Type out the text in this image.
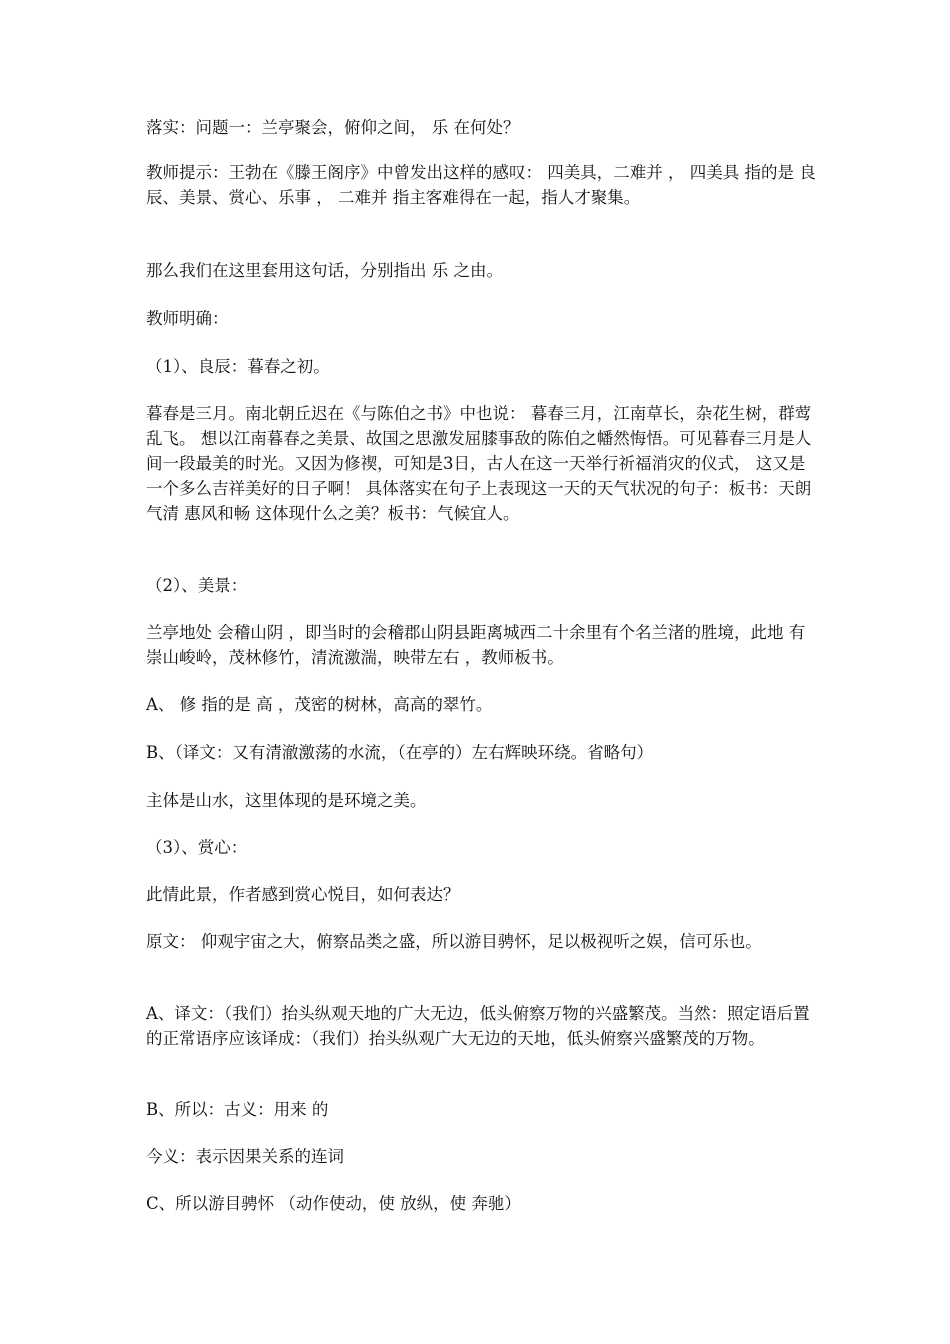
落实：问题一：兰亭聚会，俯仰之间， 乐 在何处？

教师提示：王勃在《滕王阁序》中曾发出这样的感叹： 四美具，二难并 ， 四美具 指的是 良辰、美景、赏心、乐事 ， 二难并 指主客难得在一起，指人才聚集。

那么我们在这里套用这句话，分别指出 乐 之由。

教师明确：

（1）、良辰：暮春之初。

暮春是三月。南北朝丘迟在《与陈伯之书》中也说： 暮春三月，江南草长，杂花生树，群莺乱飞。 想以江南暮春之美景、故国之思激发屈膝事敌的陈伯之幡然悔悟。可见暮春三月是人间一段最美的时光。又因为修禊，可知是3日，古人在这一天举行祈福消灾的仪式， 这又是一个多么吉祥美好的日子啊！ 具体落实在句子上表现这一天的天气状况的句子：板书：天朗气清 惠风和畅 这体现什么之美？板书：气候宜人。

（2）、美景：

兰亭地处 会稽山阴 ，即当时的会稽郡山阴县距离城西二十余里有个名兰渚的胜境，此地 有崇山峻岭，茂林修竹，清流激湍，映带左右 ，教师板书。

A、 修 指的是 高 ，茂密的树林，高高的翠竹。

B、（译文：又有清澈激荡的水流，（在亭的）左右辉映环绕。省略句）

主体是山水，这里体现的是环境之美。

（3）、赏心：

此情此景，作者感到赏心悦目，如何表达？

原文： 仰观宇宙之大，俯察品类之盛，所以游目骋怀，足以极视听之娱，信可乐也。

A、译文：（我们）抬头纵观天地的广大无边，低头俯察万物的兴盛繁茂。当然：照定语后置的正常语序应该译成：（我们）抬头纵观广大无边的天地，低头俯察兴盛繁茂的万物。

B、所以：古义：用来 的

今义：表示因果关系的连词

C、所以游目骋怀 （动作使动，使 放纵，使 奔驰）
